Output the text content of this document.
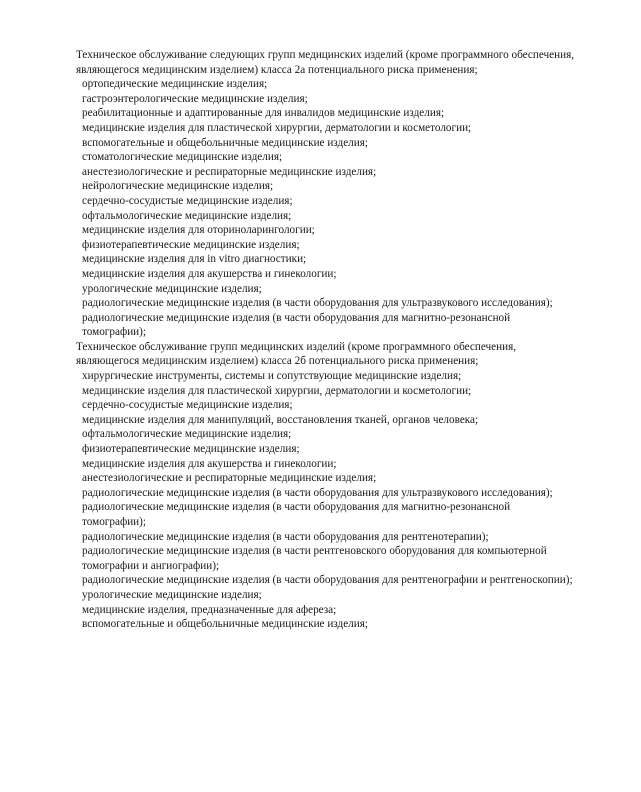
Техническое обслуживание следующих групп медицинских изделий (кроме программного обеспечения, являющегося медицинским изделием) класса 2а потенциального риска применения;

ортопедические медицинские изделия;
гастроэнтерологические медицинские изделия;
реабилитационные и адаптированные для инвалидов медицинские изделия;
медицинские изделия для пластической хирургии, дерматологии и косметологии;
вспомогательные и общебольничные медицинские изделия;
стоматологические медицинские изделия;
анестезиологические и респираторные медицинские изделия;
нейрологические медицинские изделия;
сердечно-сосудистые медицинские изделия;
офтальмологические медицинские изделия;
медицинские изделия для оториноларингологии;
физиотерапевтические медицинские изделия;
медицинские изделия для in vitro диагностики;
медицинские изделия для акушерства и гинекологии;
урологические медицинские изделия;
радиологические медицинские изделия (в части оборудования для ультразвукового исследования);
радиологические медицинские изделия (в части оборудования для магнитно-резонансной томографии);

Техническое обслуживание групп медицинских изделий (кроме программного обеспечения, являющегося медицинским изделием) класса 2б потенциального риска применения;

хирургические инструменты, системы и сопутствующие медицинские изделия;
медицинские изделия для пластической хирургии, дерматологии и косметологии;
сердечно-сосудистые медицинские изделия;
медицинские изделия для манипуляций, восстановления тканей, органов человека;
офтальмологические медицинские изделия;
физиотерапевтические медицинские изделия;
медицинские изделия для акушерства и гинекологии;
анестезиологические и респираторные медицинские изделия;
радиологические медицинские изделия (в части оборудования для ультразвукового исследования);
радиологические медицинские изделия (в части оборудования для магнитно-резонансной томографии);
радиологические медицинские изделия (в части оборудования для рентгенотерапии);
радиологические медицинские изделия (в части рентгеновского оборудования для компьютерной томографии и ангиографии);
радиологические медицинские изделия (в части оборудования для рентгенографии и рентгеноскопии);
урологические медицинские изделия;
медицинские изделия, предназначенные для афереза;
вспомогательные и общебольничные медицинские изделия;
